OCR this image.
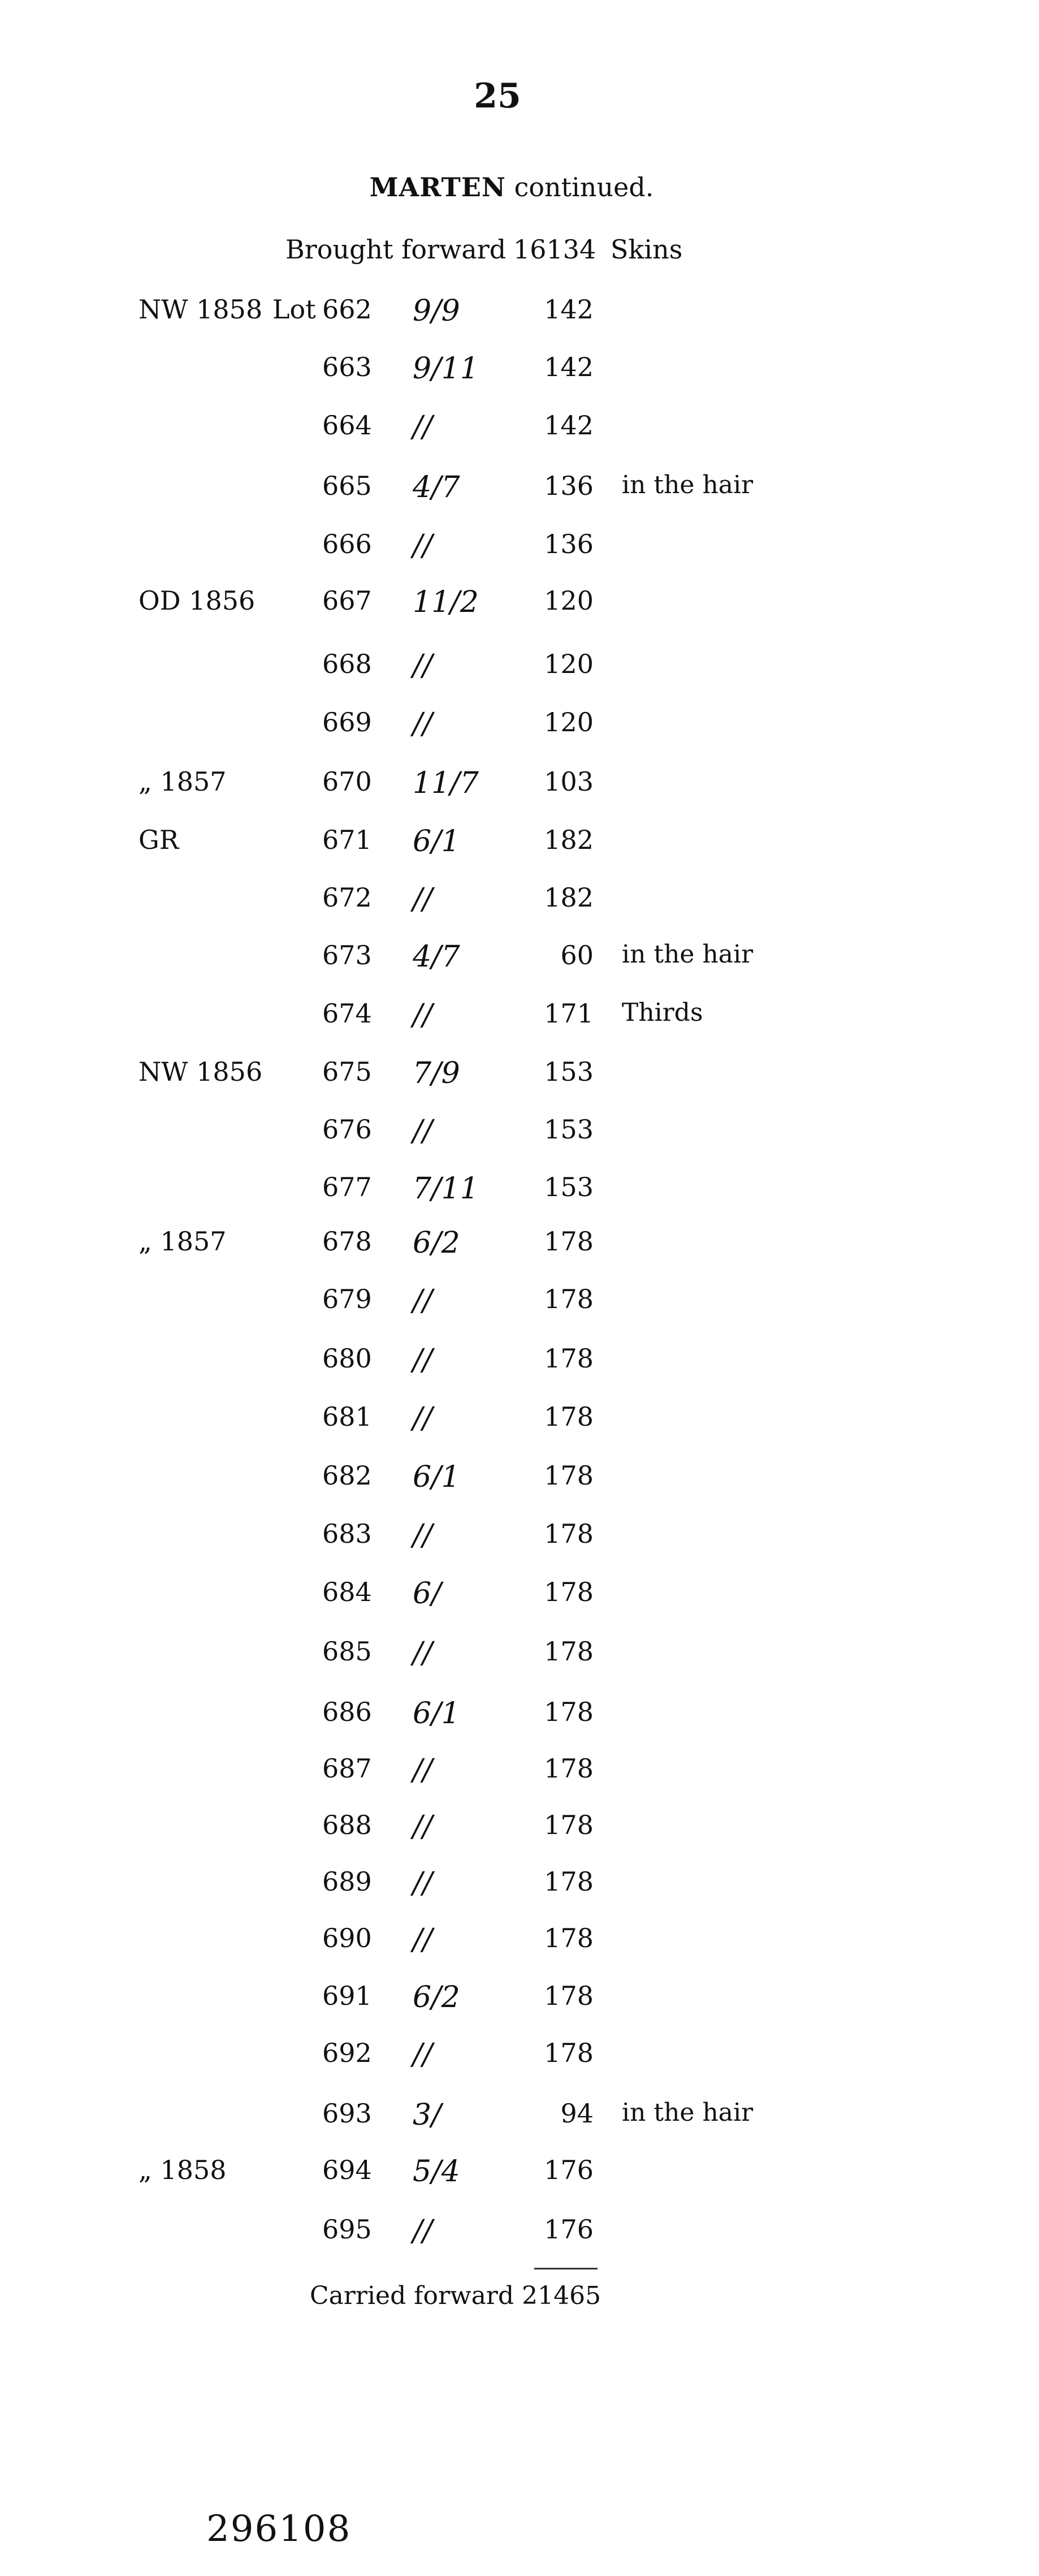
25
MARTEN continued.
Brought forward 16134 Skins
NW 1858 Lot 662 9/9	142
663 9/11	142
664 //	142
665 4/7	136 in the hair
666 //	136
OD 1856	667 11/2	120
668 //	120
669 //	120
„ 1857	670 11/7	103
GR	671 6/1	182
672 //	182
673 4/7	60 in the hair
674 //	171 Thirds
NW 1856 675 7/9	153
676 //	153
677 7/11	153
„ 1857	678 6/2	178
679 //	178
680 //	178
681 //	178
682 6/1	178
683 //	178
684 6/	178
685 //	178
686 6/1	178
687 //	178
688 //	178
689 //	178
690 //	178
691 6/2	178
692 //	178
693 3/	94 in the hair
„ 1858	694 5/4	176
695 //	176
Carried forward 21465
296108
